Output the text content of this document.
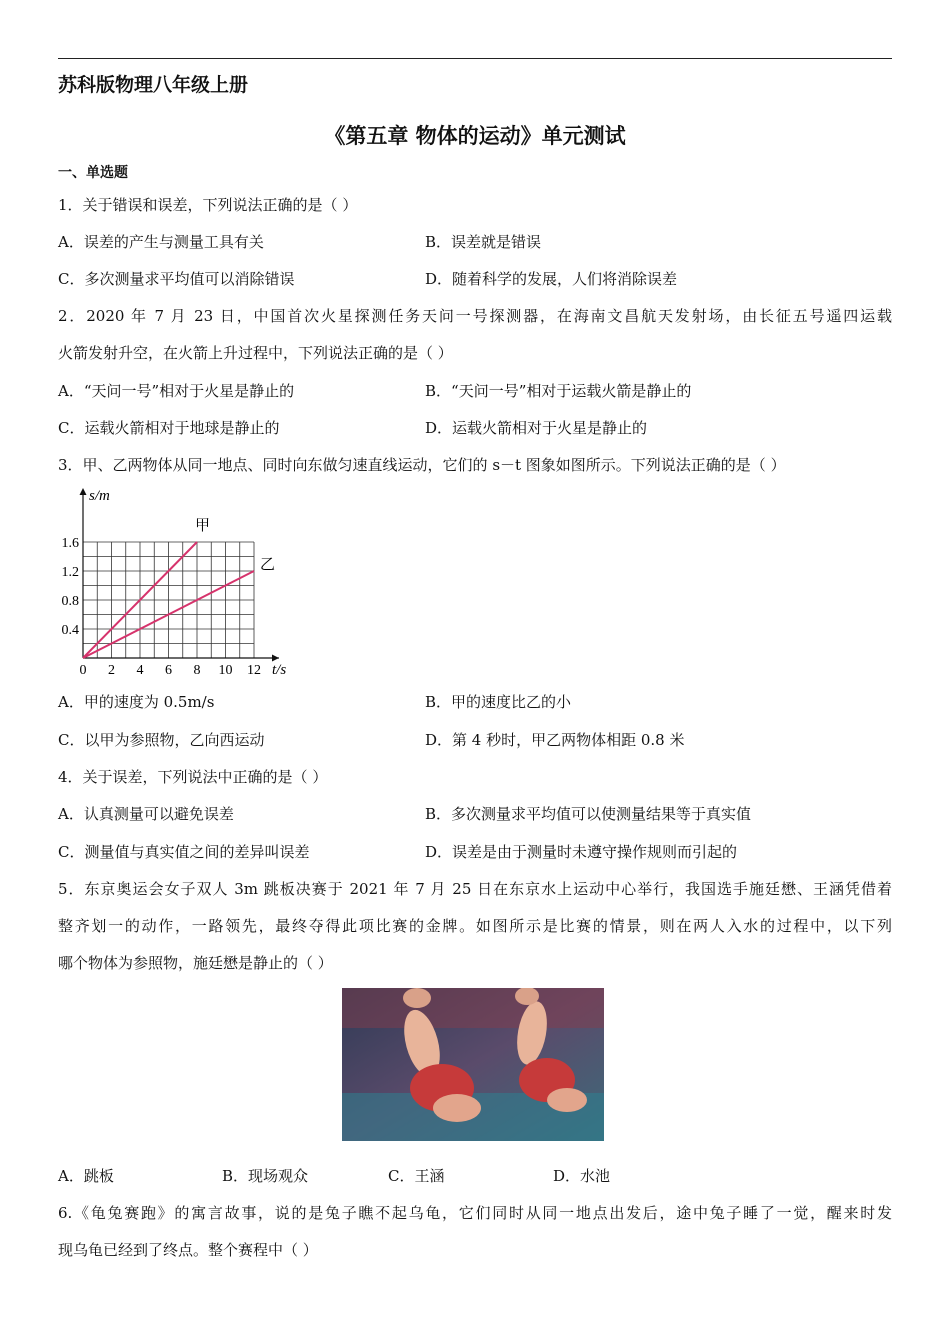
苏科版物理八年级上册
《第五章 物体的运动》单元测试
一、单选题
1．关于错误和误差，下列说法正确的是（ ）
A．误差的产生与测量工具有关	B．误差就是错误
C．多次测量求平均值可以消除错误	D．随着科学的发展，人们将消除误差
2．2020 年 7 月 23 日，中国首次火星探测任务天问一号探测器，在海南文昌航天发射场，由长征五号遥四运载
火箭发射升空，在火箭上升过程中，下列说法正确的是（ ）
A．“天问一号”相对于火星是静止的	B．“天问一号”相对于运载火箭是静止的
C．运载火箭相对于地球是静止的	D．运载火箭相对于火星是静止的
3．甲、乙两物体从同一地点、同时向东做匀速直线运动，它们的 s－t 图象如图所示。下列说法正确的是（ ）
0 2 4 6 8 10 12
0.4
0.8
1.2
1.6
t/s
s/m
甲
乙
A．甲的速度为 0.5m/s	B．甲的速度比乙的小
C．以甲为参照物，乙向西运动	D．第 4 秒时，甲乙两物体相距 0.8 米
4．关于误差，下列说法中正确的是（ ）
A．认真测量可以避免误差	B．多次测量求平均值可以使测量结果等于真实值
C．测量值与真实值之间的差异叫误差	D．误差是由于测量时未遵守操作规则而引起的
5．东京奥运会女子双人 3m 跳板决赛于 2021 年 7 月 25 日在东京水上运动中心举行，我国选手施廷懋、王涵凭借着
整齐划一的动作，一路领先，最终夺得此项比赛的金牌。如图所示是比赛的情景，则在两人入水的过程中，以下列
哪个物体为参照物，施廷懋是静止的（ ）
A．跳板	B．现场观众	C．王涵	D．水池
6.《龟兔赛跑》的寓言故事，说的是兔子瞧不起乌龟，它们同时从同一地点出发后，途中兔子睡了一觉，醒来时发
现乌龟已经到了终点。整个赛程中（ ）
